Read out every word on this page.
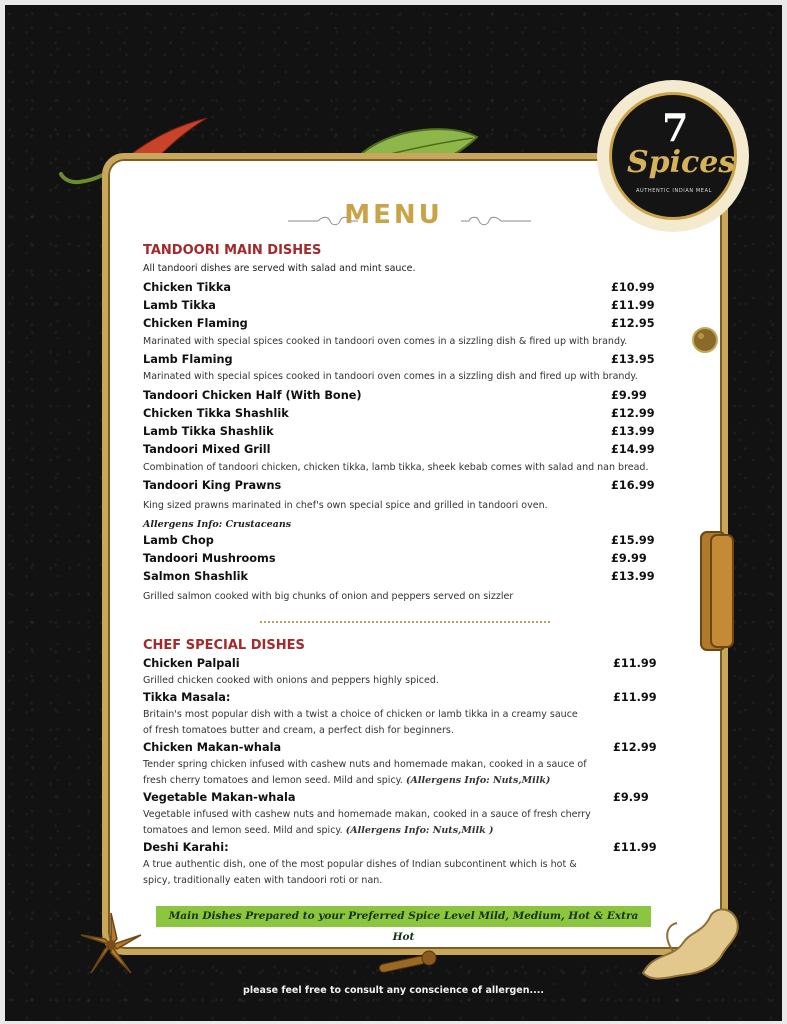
7
Spices
AUTHENTIC INDIAN MEAL
MENU
TANDOORI MAIN DISHES
All tandoori dishes are served with salad and mint sauce.
Chicken Tikka	£10.99
Lamb Tikka	£11.99
Chicken Flaming	£12.95
Marinated with special spices cooked in tandoori oven comes in a sizzling dish & fired up with brandy.
Lamb Flaming	£13.95
Marinated with special spices cooked in tandoori oven comes in a sizzling dish and fired up with brandy.
Tandoori Chicken Half (With Bone)	£9.99
Chicken Tikka Shashlik	£12.99
Lamb Tikka Shashlik	£13.99
Tandoori Mixed Grill	£14.99
Combination of tandoori chicken, chicken tikka, lamb tikka, sheek kebab comes with salad and nan bread.
Tandoori King Prawns	£16.99
King sized prawns marinated in chef's own special spice and grilled in tandoori oven.
Allergens Info: Crustaceans
Lamb Chop	£15.99
Tandoori Mushrooms	£9.99
Salmon Shashlik	£13.99
Grilled salmon cooked with big chunks of onion and peppers served on sizzler
CHEF SPECIAL DISHES
Chicken Palpali	£11.99
Grilled chicken cooked with onions and peppers highly spiced.
Tikka Masala:	£11.99
Britain's most popular dish with a twist a choice of chicken or lamb tikka in a creamy sauce
of fresh tomatoes butter and cream, a perfect dish for beginners.
Chicken Makan-whala	£12.99
Tender spring chicken infused with cashew nuts and homemade makan, cooked in a sauce of
fresh cherry tomatoes and lemon seed. Mild and spicy. (Allergens Info: Nuts,Milk)
Vegetable Makan-whala	£9.99
Vegetable infused with cashew nuts and homemade makan, cooked in a sauce of fresh cherry
tomatoes and lemon seed. Mild and spicy. (Allergens Info: Nuts,Milk )
Deshi Karahi:	£11.99
A true authentic dish, one of the most popular dishes of Indian subcontinent which is hot &
spicy, traditionally eaten with tandoori roti or nan.
Main Dishes Prepared to your Preferred Spice Level Mild, Medium, Hot & Extra Hot
please feel free to consult any conscience of allergen....
